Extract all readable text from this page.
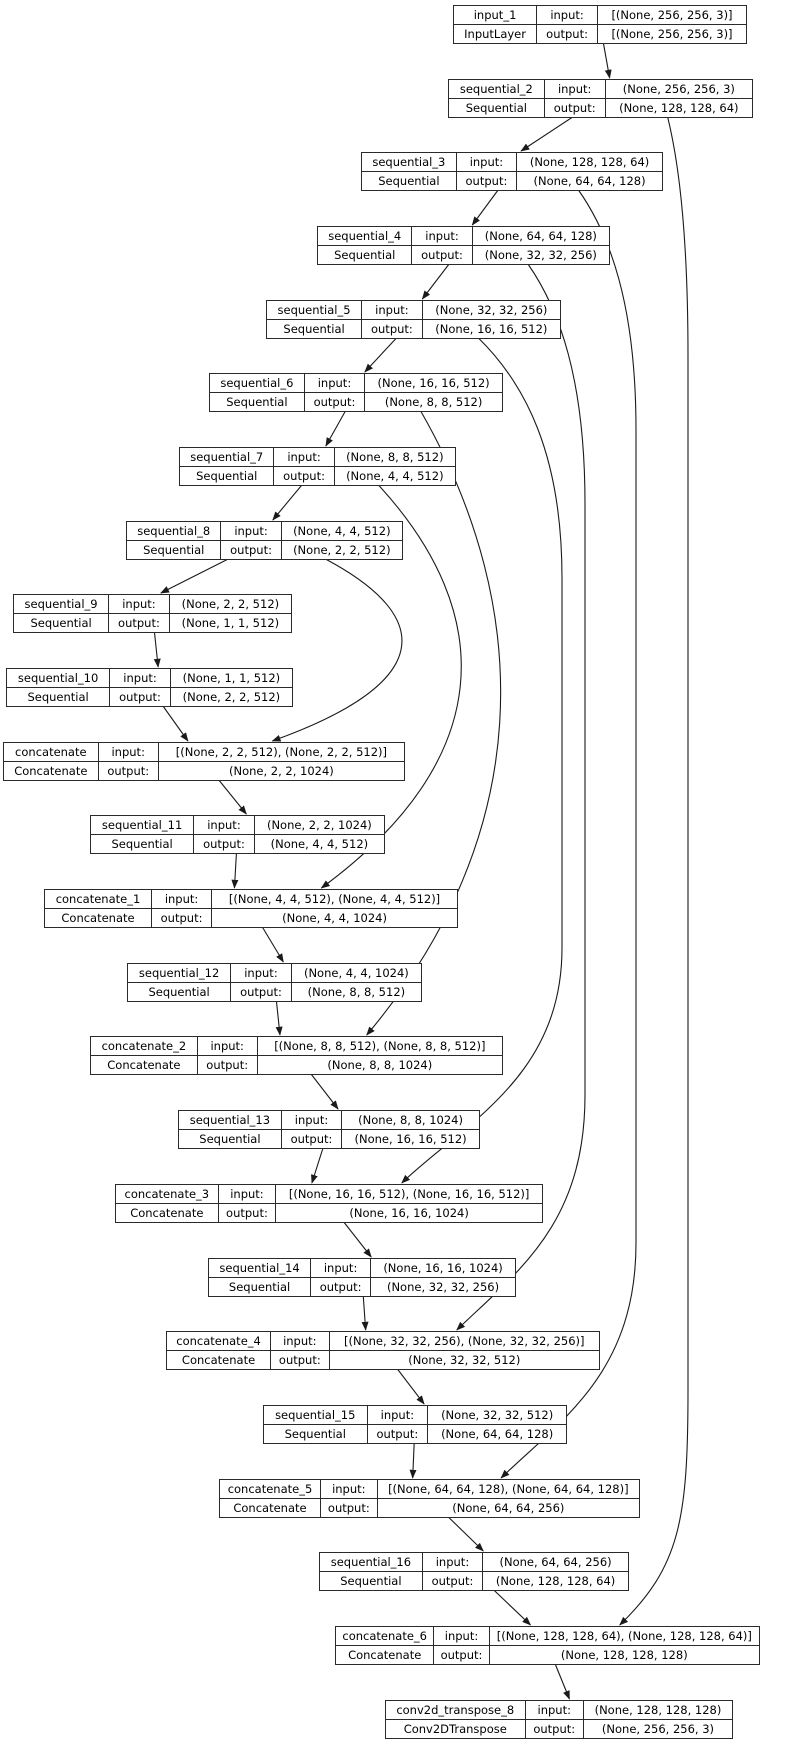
input_1	input:	[(None, 256, 256, 3)]
InputLayer	output:	[(None, 256, 256, 3)]
sequential_2	input:	(None, 256, 256, 3)
Sequential	output:	(None, 128, 128, 64)
sequential_3	input:	(None, 128, 128, 64)
Sequential	output:	(None, 64, 64, 128)
sequential_4	input:	(None, 64, 64, 128)
Sequential	output:	(None, 32, 32, 256)
sequential_5	input:	(None, 32, 32, 256)
Sequential	output:	(None, 16, 16, 512)
sequential_6	input:	(None, 16, 16, 512)
Sequential	output:	(None, 8, 8, 512)
sequential_7	input:	(None, 8, 8, 512)
Sequential	output:	(None, 4, 4, 512)
sequential_8	input:	(None, 4, 4, 512)
Sequential	output:	(None, 2, 2, 512)
sequential_9	input:	(None, 2, 2, 512)
Sequential	output:	(None, 1, 1, 512)
sequential_10	input:	(None, 1, 1, 512)
Sequential	output:	(None, 2, 2, 512)
concatenate	input:	[(None, 2, 2, 512), (None, 2, 2, 512)]
Concatenate	output:	(None, 2, 2, 1024)
sequential_11	input:	(None, 2, 2, 1024)
Sequential	output:	(None, 4, 4, 512)
concatenate_1	input:	[(None, 4, 4, 512), (None, 4, 4, 512)]
Concatenate	output:	(None, 4, 4, 1024)
sequential_12	input:	(None, 4, 4, 1024)
Sequential	output:	(None, 8, 8, 512)
concatenate_2	input:	[(None, 8, 8, 512), (None, 8, 8, 512)]
Concatenate	output:	(None, 8, 8, 1024)
sequential_13	input:	(None, 8, 8, 1024)
Sequential	output:	(None, 16, 16, 512)
concatenate_3	input:	[(None, 16, 16, 512), (None, 16, 16, 512)]
Concatenate	output:	(None, 16, 16, 1024)
sequential_14	input:	(None, 16, 16, 1024)
Sequential	output:	(None, 32, 32, 256)
concatenate_4	input:	[(None, 32, 32, 256), (None, 32, 32, 256)]
Concatenate	output:	(None, 32, 32, 512)
sequential_15	input:	(None, 32, 32, 512)
Sequential	output:	(None, 64, 64, 128)
concatenate_5	input:	[(None, 64, 64, 128), (None, 64, 64, 128)]
Concatenate	output:	(None, 64, 64, 256)
sequential_16	input:	(None, 64, 64, 256)
Sequential	output:	(None, 128, 128, 64)
concatenate_6	input:	[(None, 128, 128, 64), (None, 128, 128, 64)]
Concatenate	output:	(None, 128, 128, 128)
conv2d_transpose_8	input:	(None, 128, 128, 128)
Conv2DTranspose	output:	(None, 256, 256, 3)
